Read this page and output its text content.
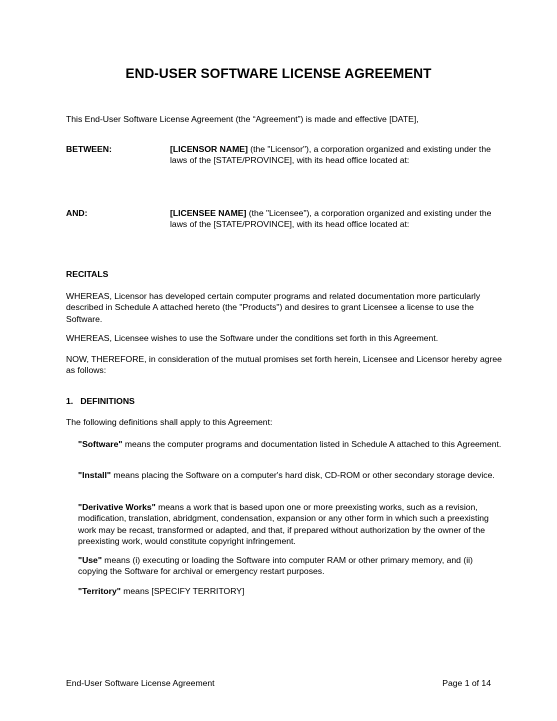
END-USER SOFTWARE LICENSE AGREEMENT
This End-User Software License Agreement (the “Agreement”) is made and effective [DATE],
BETWEEN:	[LICENSOR NAME] (the "Licensor"), a corporation organized and existing under the laws of the [STATE/PROVINCE], with its head office located at:
AND:	[LICENSEE NAME] (the "Licensee"), a corporation organized and existing under the laws of the [STATE/PROVINCE], with its head office located at:
RECITALS
WHEREAS, Licensor has developed certain computer programs and related documentation more particularly described in Schedule A attached hereto (the "Products") and desires to grant Licensee a license to use the Software.
WHEREAS, Licensee wishes to use the Software under the conditions set forth in this Agreement.
NOW, THEREFORE, in consideration of the mutual promises set forth herein, Licensee and Licensor hereby agree as follows:
1.   DEFINITIONS
The following definitions shall apply to this Agreement:
"Software" means the computer programs and documentation listed in Schedule A attached to this Agreement.
"Install" means placing the Software on a computer's hard disk, CD-ROM or other secondary storage device.
"Derivative Works" means a work that is based upon one or more preexisting works, such as a revision, modification, translation, abridgment, condensation, expansion or any other form in which such a preexisting work may be recast, transformed or adapted, and that, if prepared without authorization by the owner of the preexisting work, would constitute copyright infringement.
"Use" means (i) executing or loading the Software into computer RAM or other primary memory, and (ii) copying the Software for archival or emergency restart purposes.
"Territory" means [SPECIFY TERRITORY]
End-User Software License Agreement	Page 1 of 14
